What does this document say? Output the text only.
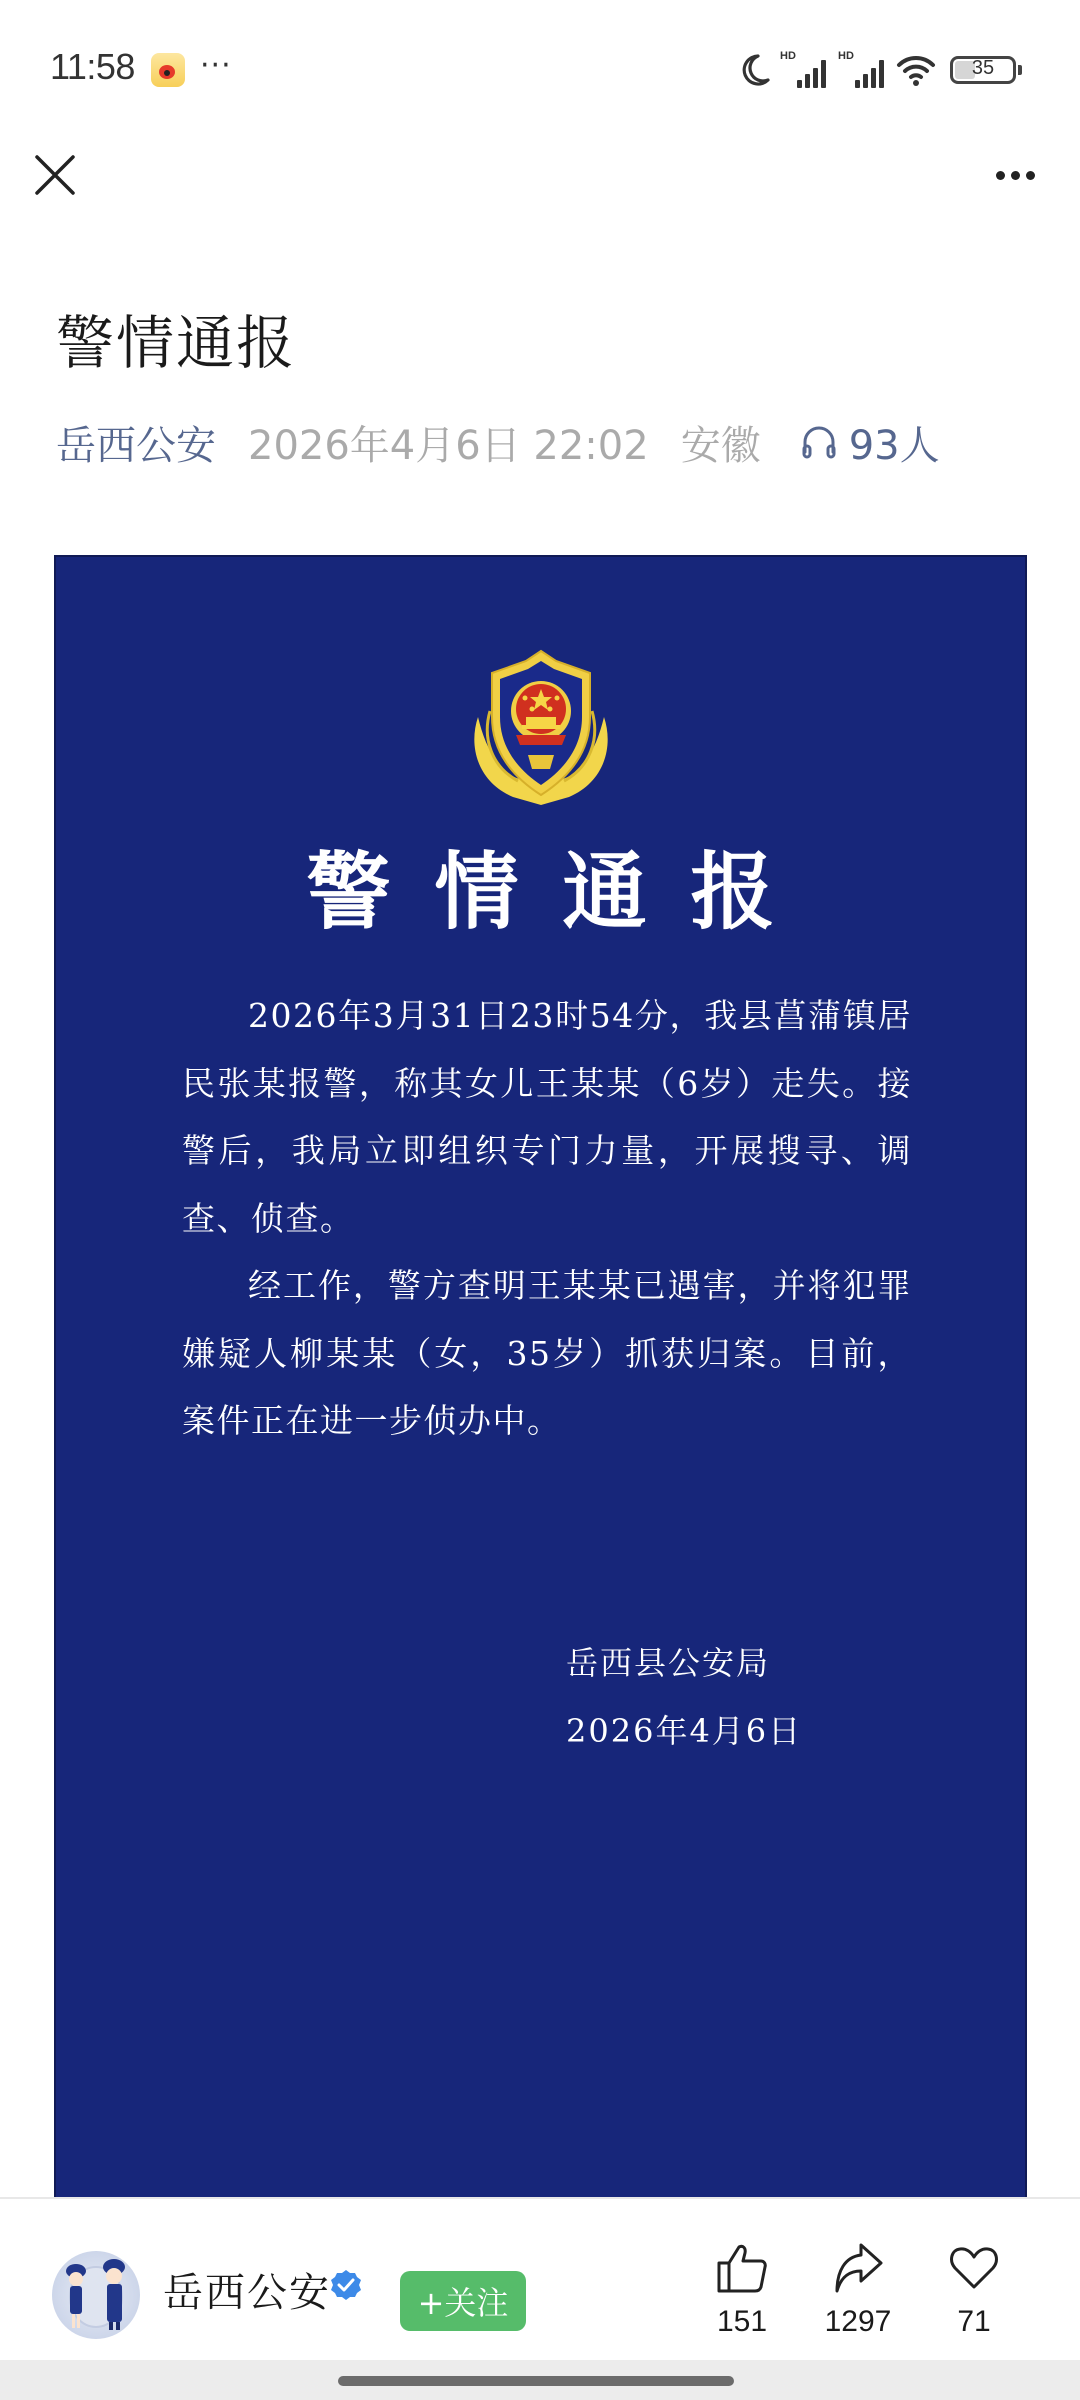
11:58 ···	HD	HD
35
警情通报
岳西公安 2026年4月6日 22:02 安徽 93人
警情通报

2026年3月31日23时54分，我县菖蒲镇居民张某报警，称其女儿王某某（6岁）走失。接警后，我局立即组织专门力量，开展搜寻、调查、侦查。

经工作，警方查明王某某已遇害，并将犯罪嫌疑人柳某某（女，35岁）抓获归案。目前，案件正在进一步侦办中。

岳西县公安局
2026年4月6日
岳西公安	+关注	151 1297 71
